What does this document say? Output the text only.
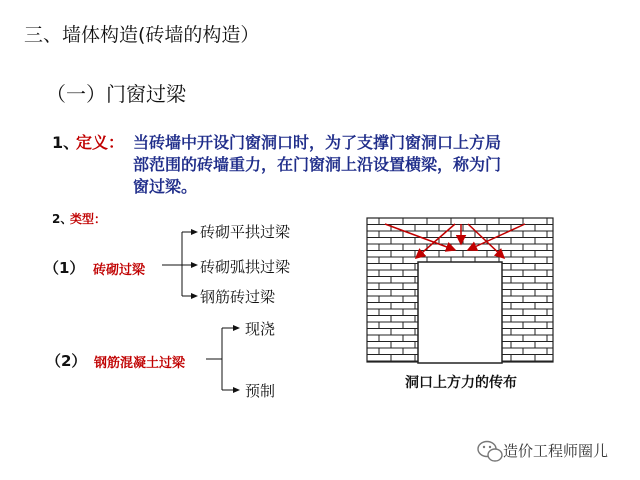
三、墙体构造(砖墙的构造）
（一）门窗过梁
1、
定义： 当砖墙中开设门窗洞口时，为了支撑门窗洞口上方局
部范围的砖墙重力，在门窗洞上沿设置横梁，称为门
窗过梁。
2、
类型：
（1） 砖砌过梁
砖砌平拱过梁
砖砌弧拱过梁
钢筋砖过梁
（2） 钢筋混凝土过梁
现浇
预制	洞口上方力的传布
造价工程师圈儿
